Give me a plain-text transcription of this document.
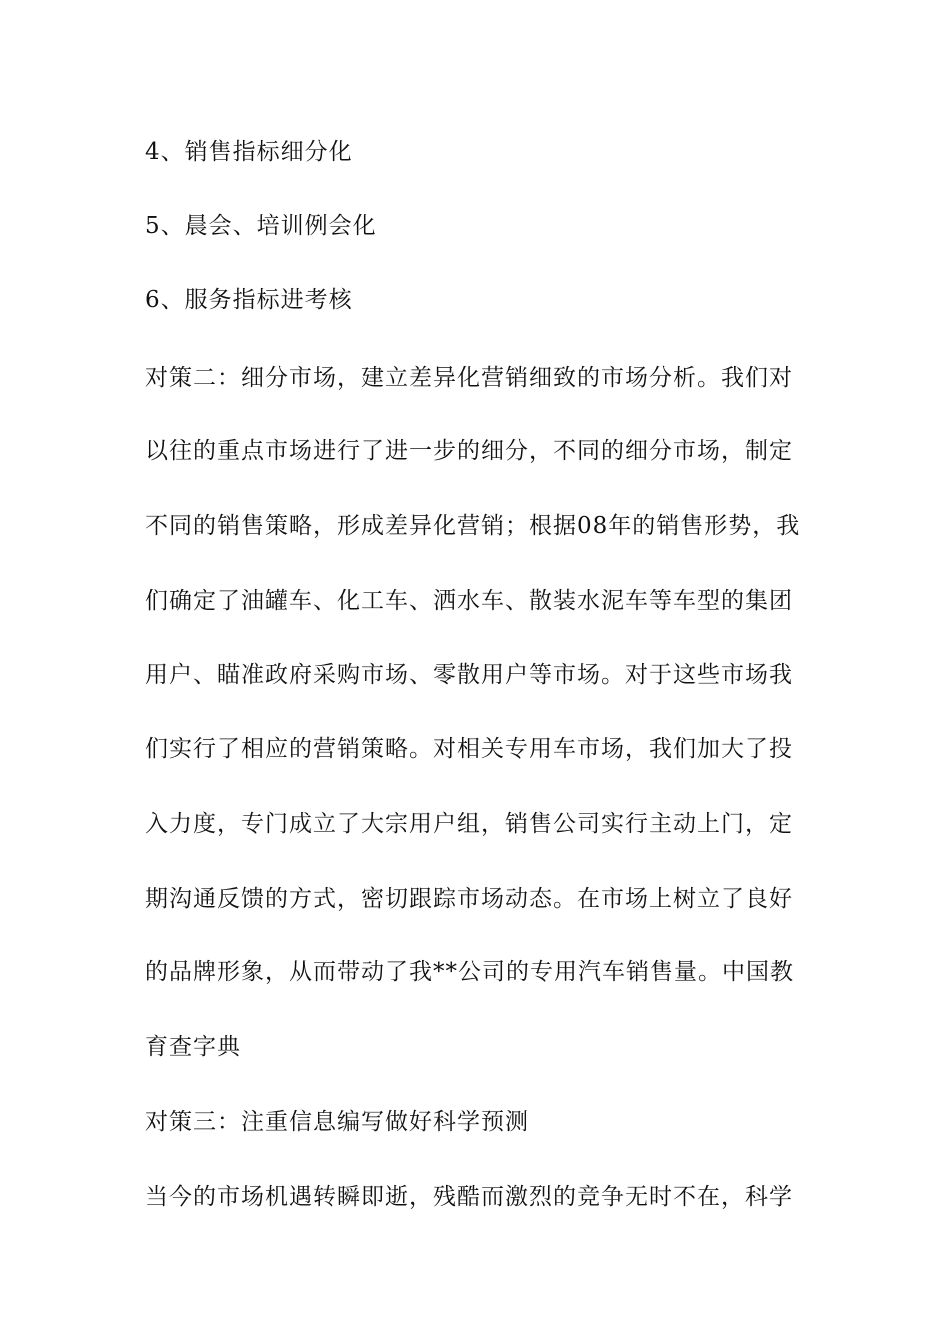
4、销售指标细分化
5、晨会、培训例会化
6、服务指标进考核
对策二：细分市场，建立差异化营销细致的市场分析。我们对
以往的重点市场进行了进一步的细分，不同的细分市场，制定
不同的销售策略，形成差异化营销；根据08年的销售形势，我
们确定了油罐车、化工车、洒水车、散装水泥车等车型的集团
用户、瞄准政府采购市场、零散用户等市场。对于这些市场我
们实行了相应的营销策略。对相关专用车市场，我们加大了投
入力度，专门成立了大宗用户组，销售公司实行主动上门，定
期沟通反馈的方式，密切跟踪市场动态。在市场上树立了良好
的品牌形象，从而带动了我**公司的专用汽车销售量。中国教
育查字典
对策三：注重信息编写做好科学预测
当今的市场机遇转瞬即逝，残酷而激烈的竞争无时不在，科学
